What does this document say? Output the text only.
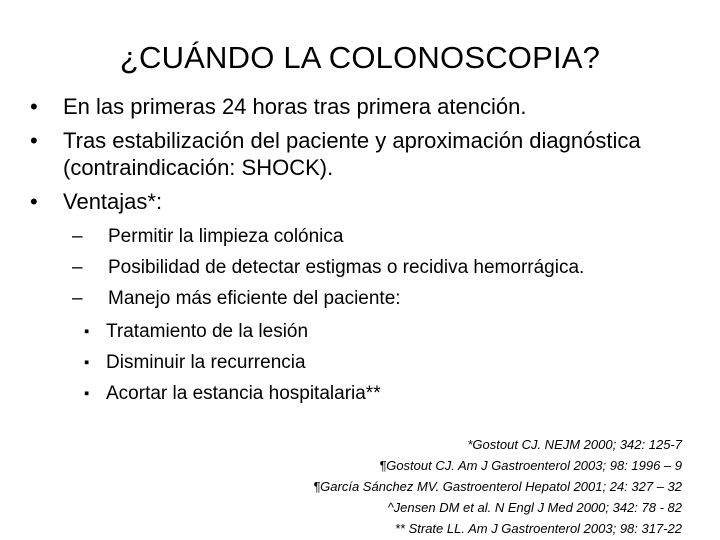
¿CUÁNDO LA COLONOSCOPIA?
• En las primeras 24 horas tras primera atención.
• Tras estabilización del paciente y aproximación diagnóstica (contraindicación: SHOCK).
• Ventajas*:
– Permitir la limpieza colónica
– Posibilidad de detectar estigmas o recidiva hemorrágica.
– Manejo más eficiente del paciente:
▪ Tratamiento de la lesión
▪ Disminuir la recurrencia
▪ Acortar la estancia hospitalaria**
*Gostout CJ. NEJM 2000; 342: 125-7
¶Gostout CJ. Am J Gastroenterol 2003; 98: 1996 – 9
¶García Sánchez MV. Gastroenterol Hepatol 2001; 24: 327 – 32
^Jensen DM et al. N Engl J Med 2000; 342: 78 - 82
** Strate LL. Am J Gastroenterol 2003; 98: 317-22
